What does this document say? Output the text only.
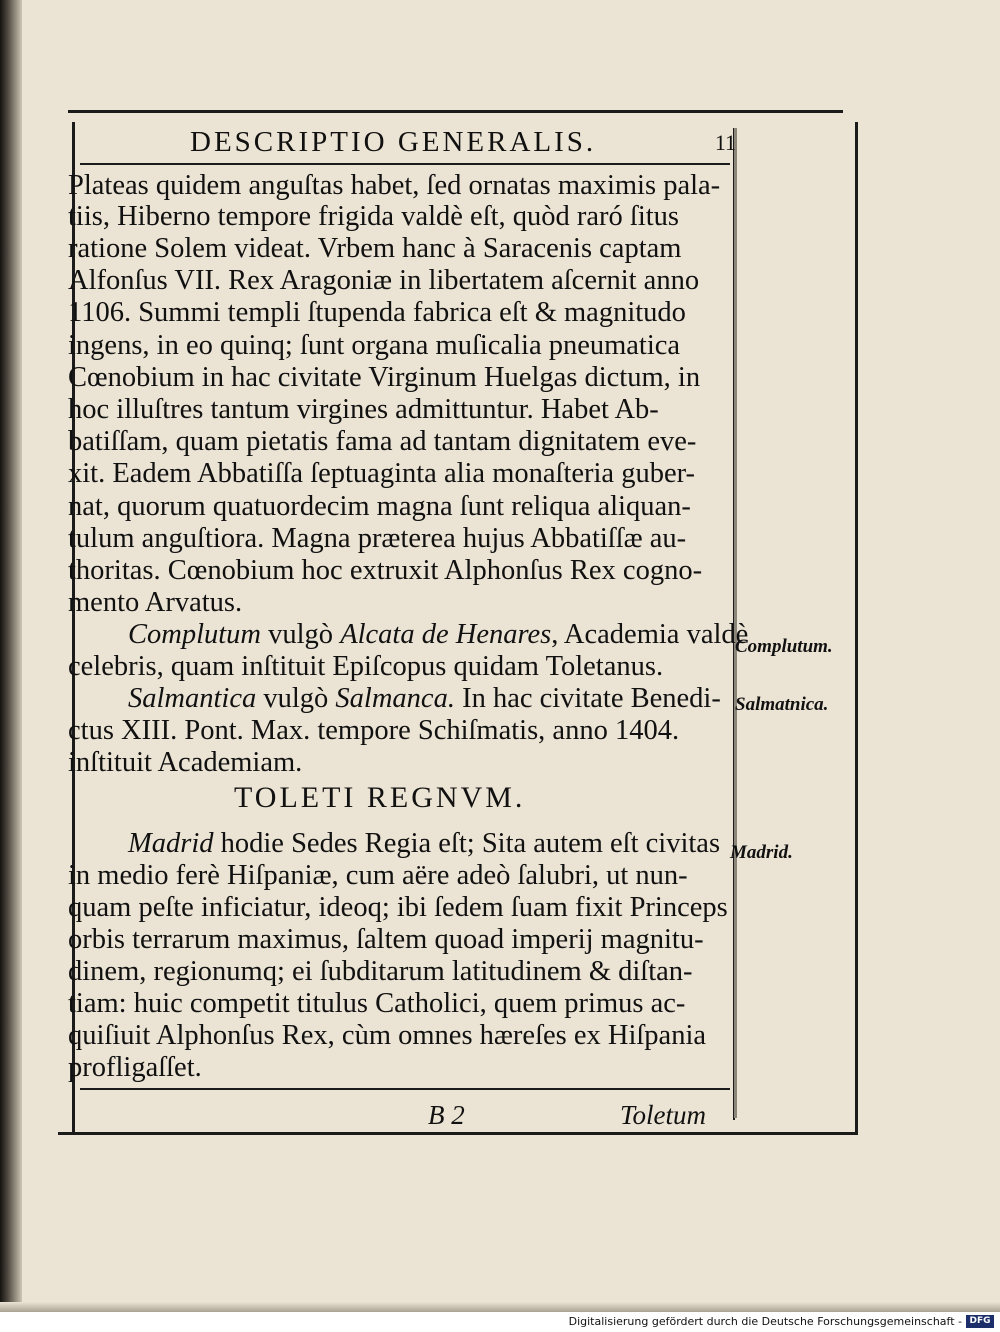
DESCRIPTIO GENERALIS.	11
Plateas quidem anguſtas habet, ſed ornatas maximis pala-
tiis, Hiberno tempore frigida valdè eſt, quòd raró ſitus
ratione Solem videat. Vrbem hanc à Saracenis captam
Alfonſus VII. Rex Aragoniæ in libertatem aſcernit anno
1106. Summi templi ſtupenda fabrica eſt & magnitudo
ingens, in eo quinq; ſunt organa muſicalia pneumatica
Cœnobium in hac civitate Virginum Huelgas dictum, in
hoc illuſtres tantum virgines admittuntur. Habet Ab-
batiſſam, quam pietatis fama ad tantam dignitatem eve-
xit. Eadem Abbatiſſa ſeptuaginta alia monaſteria guber-
nat, quorum quatuordecim magna ſunt reliqua aliquan-
tulum anguſtiora. Magna præterea hujus Abbatiſſæ au-
thoritas. Cœnobium hoc extruxit Alphonſus Rex cogno-
mento Arvatus.
Complutum vulgò Alcata de Henares, Academia valdè
celebris, quam inſtituit Epiſcopus quidam Toletanus.
Salmantica vulgò Salmanca. In hac civitate Benedi-
ctus XIII. Pont. Max. tempore Schiſmatis, anno 1404.
inſtituit Academiam.
Madrid hodie Sedes Regia eſt; Sita autem eſt civitas
in medio ferè Hiſpaniæ, cum aëre adeò ſalubri, ut nun-
quam peſte inficiatur, ideoq; ibi ſedem ſuam fixit Princeps
orbis terrarum maximus, ſaltem quoad imperij magnitu-
dinem, regionumq; ei ſubditarum latitudinem & diſtan-
tiam: huic competit titulus Catholici, quem primus ac-
quiſiuit Alphonſus Rex, cùm omnes hæreſes ex Hiſpania
profligaſſet.
TOLETI REGNVM.
Complutum.
Salmatnica.
Madrid.
B 2	Toletum
Digitalisierung gefördert durch die Deutsche Forschungsgemeinschaft - DFG
